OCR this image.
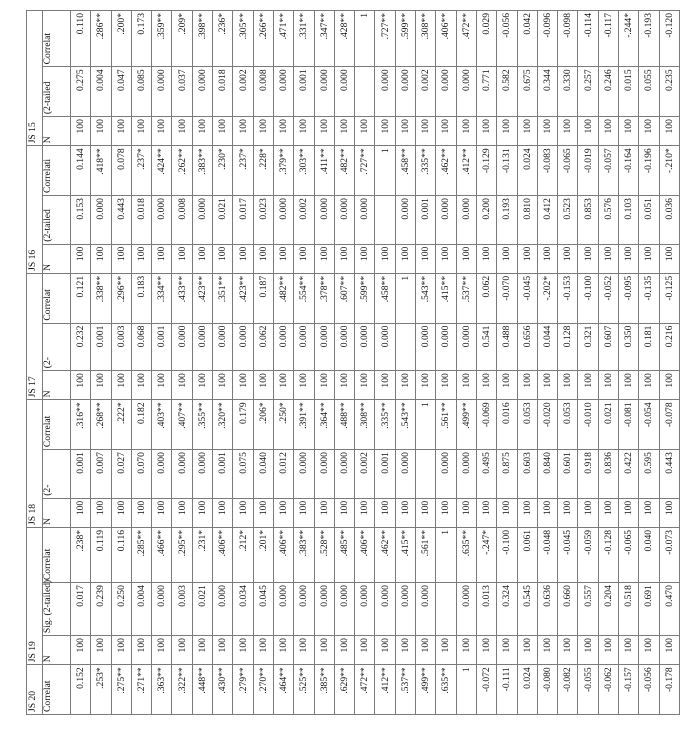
JS 20	JS 19			JS 18			JS 17			JS 16			JS 15		
Correlat	N	Sig. (2-tailed)	Correlat	N	(2-	Correlat	N	(2-	Correlat	N	(2-tailed	Correlati	N	(2-tailed	Correlat
0.152	100	0.017	.238*	100	0.001	.316**	100	0.232	0.121	100	0.153	0.144	100	0.275	0.110
.253*	100	0.239	0.119	100	0.007	.268**	100	0.001	.338**	100	0.000	.418**	100	0.004	.286**
.275**	100	0.250	0.116	100	0.027	.222*	100	0.003	.296**	100	0.443	0.078	100	0.047	.200*
.271**	100	0.004	.285**	100	0.070	0.182	100	0.068	0.183	100	0.018	.237*	100	0.085	0.173
.363**	100	0.000	.466**	100	0.000	.403**	100	0.001	.334**	100	0.000	.424**	100	0.000	.359**
.322**	100	0.003	.295**	100	0.000	.407**	100	0.000	.433**	100	0.008	.262**	100	0.037	.209*
.448**	100	0.021	.231*	100	0.000	.355**	100	0.000	.423**	100	0.000	.383**	100	0.000	.398**
.430**	100	0.000	.406**	100	0.001	.320**	100	0.000	.351**	100	0.021	.230*	100	0.018	.236*
.279**	100	0.034	.212*	100	0.075	0.179	100	0.000	.423**	100	0.017	.237*	100	0.002	.305**
.270**	100	0.045	.201*	100	0.040	.206*	100	0.062	0.187	100	0.023	.228*	100	0.008	.266**
.464**	100	0.000	.406**	100	0.012	.250*	100	0.000	.482**	100	0.000	.379**	100	0.000	.471**
.525**	100	0.000	.383**	100	0.000	.391**	100	0.000	.554**	100	0.002	.303**	100	0.001	.331**
.385**	100	0.000	.528**	100	0.000	.364**	100	0.000	.378**	100	0.000	.411**	100	0.000	.347**
.629**	100	0.000	.485**	100	0.000	.488**	100	0.000	.607**	100	0.000	.482**	100	0.000	.428**
.472**	100	0.000	.406**	100	0.002	.308**	100	0.000	.599**	100	0.000	.727**	100		1
.412**	100	0.000	.462**	100	0.001	.335**	100	0.000	.458**	100		1	100	0.000	.727**
.537**	100	0.000	.415**	100	0.000	.543**	100		1	100	0.000	.458**	100	0.000	.599**
.499**	100	0.000	.561**	100		1	100	0.000	.543**	100	0.001	.335**	100	0.002	.308**
.635**	100		1	100	0.000	.561**	100	0.000	.415**	100	0.000	.462**	100	0.000	.406**
1	100	0.000	.635**	100	0.000	.499**	100	0.000	.537**	100	0.000	.412**	100	0.000	.472**
-0.072	100	0.013	-.247*	100	0.495	-0.069	100	0.541	0.062	100	0.200	-0.129	100	0.771	0.029
-0.111	100	0.324	-0.100	100	0.875	0.016	100	0.488	-0.070	100	0.193	-0.131	100	0.582	-0.056
0.024	100	0.545	0.061	100	0.603	0.053	100	0.656	-0.045	100	0.810	0.024	100	0.675	0.042
-0.080	100	0.636	-0.048	100	0.840	-0.020	100	0.044	-.202*	100	0.412	-0.083	100	0.344	-0.096
-0.082	100	0.660	-0.045	100	0.601	0.053	100	0.128	-0.153	100	0.523	-0.065	100	0.330	-0.098
-0.055	100	0.557	-0.059	100	0.918	-0.010	100	0.321	-0.100	100	0.853	-0.019	100	0.257	-0.114
-0.062	100	0.204	-0.128	100	0.836	0.021	100	0.607	-0.052	100	0.576	-0.057	100	0.246	-0.117
-0.157	100	0.518	-0.065	100	0.422	-0.081	100	0.350	-0.095	100	0.103	-0.164	100	0.015	-.244*
-0.056	100	0.691	0.040	100	0.595	-0.054	100	0.181	-0.135	100	0.051	-0.196	100	0.055	-0.193
-0.178	100	0.470	-0.073	100	0.443	-0.078	100	0.216	-0.125	100	0.036	-.210*	100	0.235	-0.120
